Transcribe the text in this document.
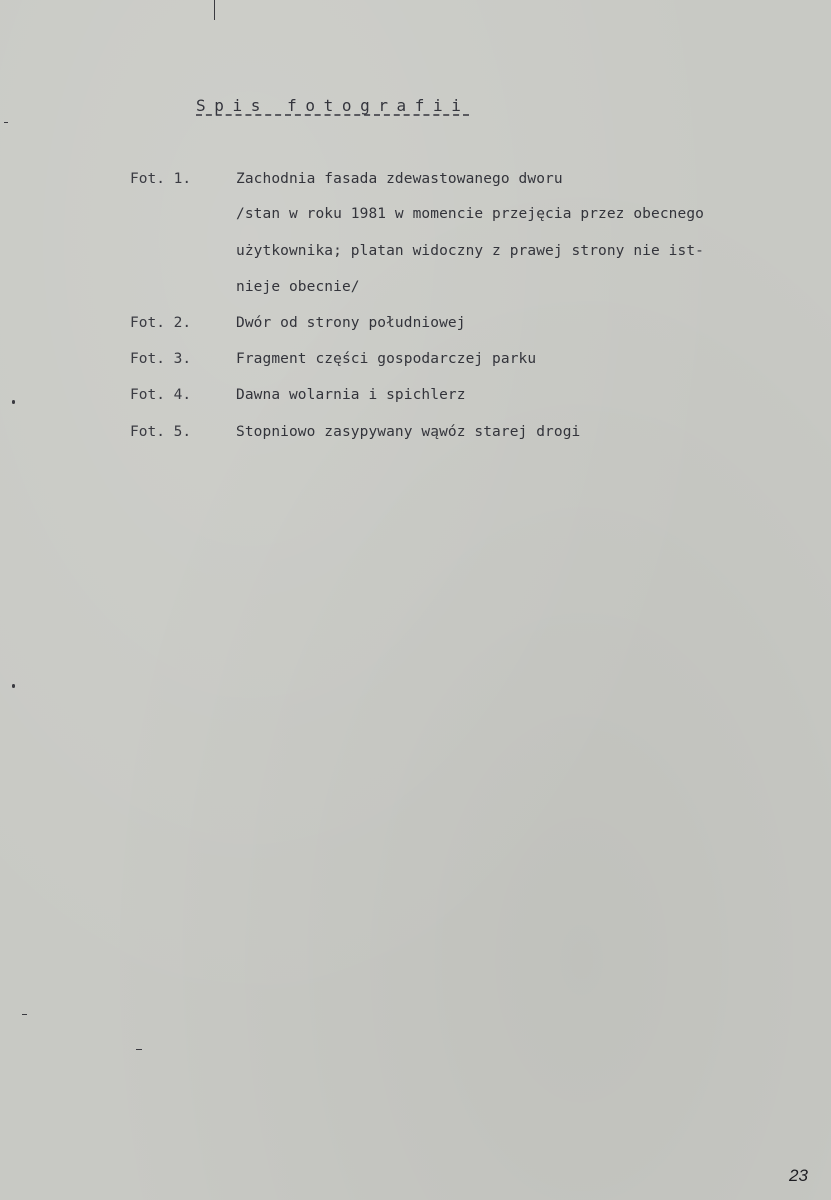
Spis fotografii
Fot. 1.	Zachodnia fasada zdewastowanego dworu
/stan w roku 1981 w momencie przejęcia przez obecnego
użytkownika; platan widoczny z prawej strony nie ist-
nieje obecnie/
Fot. 2.	Dwór od strony południowej
Fot. 3.	Fragment części gospodarczej parku
Fot. 4.	Dawna wolarnia i spichlerz
Fot. 5.	Stopniowo zasypywany wąwóz starej drogi
23
